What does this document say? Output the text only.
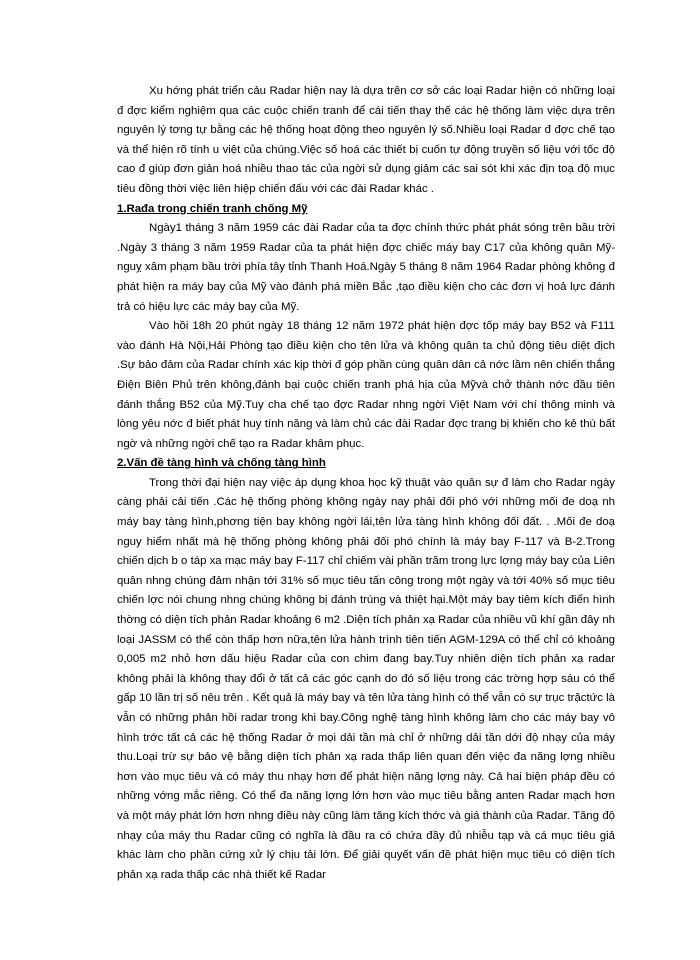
Xu hớng phát triển cảu Radar hiện nay là dựa trên cơ sở các loại Radar hiện có những loại đ đợc kiểm nghiệm qua các cuộc chiến tranh để cái tiến thay thế các hệ thống làm việc dựa trên nguyên lý tơng tự bằng các hệ thống hoạt động theo nguyên lý số.Nhiều loại Radar đ đợc chế tạo và thể hiện rõ tính u việt của chúng.Việc số hoá các thiết bị cuốn tự động truyền số liệu với tốc độ cao đ giúp đơn giản hoá nhiều thao tác của ngời sử dụng giảm các sai sót khi xác địn toạ độ mục tiêu đồng thời việc liên hiệp chiến đấu với các đài Radar khác .

1.Rađa trong chiến tranh chống Mỹ

Ngày1 tháng 3 năm 1959 các đài Radar của ta đợc chính thức phát phát sóng trên bầu trời .Ngày 3 tháng 3 năm 1959 Radar của ta phát hiện đợc chiếc máy bay C17 của không quân Mỹ-nguỵ xâm phạm bầu trời phía tây tỉnh Thanh Hoá.Ngày 5 tháng 8 năm 1964 Radar phòng không đ phát hiện ra máy bay của Mỹ vào đánh phá miền Bắc ,tạo điều kiện cho các đơn vị hoả lực đánh trả có hiệu lực các máy bay của Mỹ.

Vào hồi 18h 20 phút ngày 18 tháng 12 năm 1972 phát hiện đợc tốp máy bay B52 và F111 vào đánh Hà Nội,Hải Phòng tạo điều kiện cho tên lửa và không quân ta chủ động tiêu diệt địch .Sự bảo đảm của Radar chính xác kịp thời đ góp phần cùng quân dân cả nớc lầm nên chiến thắng Điện Biên Phủ trên không,đánh bại cuộc chiến tranh phá hịa của Mỹvà chở thành nớc đầu tiên đánh thắng B52 của Mỹ.Tuy cha chế tạo đợc Radar nhng ngời Việt Nam với chí thông minh và lòng yêu nớc đ biết phát huy tính năng và làm chủ các đài Radar đợc trang bị khiến cho kẻ thù bất ngờ và những ngời chế tạo ra Radar khâm phục.

2.Vấn đề tàng hình và chống tàng hình

Trong thời đại hiện nay việc áp dụng khoa học kỹ thuật vào quân sự đ làm cho Radar ngày càng phải cải tiến .Các hệ thống phòng không ngày nay phải đối phó với những mối đe doạ nh máy bay tàng hình,phơng tiện bay không ngời lái,tên lửa tàng hình không đối đất. . .Mối đe doạ nguy hiểm nhất mà hệ thống phòng không phải đối phó chính là máy bay F-117 và B-2.Trong chiến dịch b o táp xa mạc máy bay F-117 chỉ chiếm vài phần trăm trong lực lợng máy bay của Liên quân nhng chúng đảm nhận tới 31% số mục tiêu tấn công trong một ngày và tới 40% số mục tiêu chiến lợc nói chung nhng chúng không bị đánh trúng và thiệt hại.Một máy bay tiêm kích điển hình thờng có diện tích phản Radar khoảng 6 m2 .Diện tích phản xạ Radar của nhiều vũ khí gần đây nh loại JASSM có thể còn thấp hơn nữa,tên lửa hành trình tiên tiến AGM-129A có thể chỉ có khoảng 0,005 m2 nhỏ hơn dấu hiệu Radar của con chim đang bay.Tuy nhiên diện tích phản xạ radar không phải là không thay đổi ở tất cả các góc cạnh do đó số liệu trong các trờng hợp sáu có thể gấp 10 lần trị số nêu trên . Kết quả là máy bay và tên lửa tàng hình có thể vẫn có sự trục trặctức là vẫn có những phản hồi radar trong khi bay.Công nghệ tàng hình không làm cho các máy bay vô hình trớc tất cả các hệ thống Radar ở mọi dải tần mà chỉ ở những dải tần dới độ nhạy của máy thu.Loại trừ sự bảo vệ bằng diện tích phản xạ rada thấp liên quan đến việc đa năng lợng nhiều hơn vào mục tiêu và có máy thu nhạy hơn để phát hiện năng lợng này. Cả hai biện pháp đều có những vớng mắc riêng. Có thể đa năng lợng lớn hơn vào mục tiêu bằng anten Radar mạch hơn và một máy phát lớn hơn nhng điều này cũng làm tăng kích thớc và giá thành của Radar. Tăng độ nhạy của máy thu Radar cũng có nghĩa là đầu ra có chứa đầy đủ nhiễu tạp và cá mục tiêu giả khác làm cho phần cứng xử lý chịu tải lớn. Để giải quyết vấn đề phát hiện mục tiêu có diện tích phản xạ rada thấp các nhà thiết kế Radar
